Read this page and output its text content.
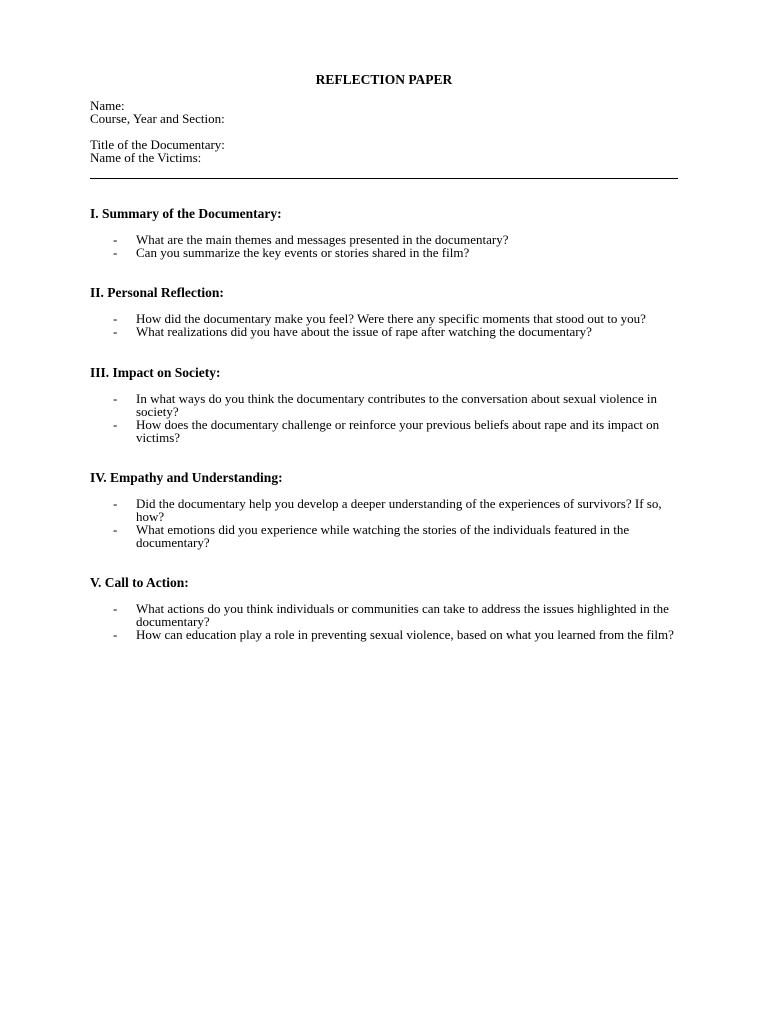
REFLECTION PAPER
Name:
Course, Year and Section:
Title of the Documentary:
Name of the Victims:
I. Summary of the Documentary:
- What are the main themes and messages presented in the documentary?
- Can you summarize the key events or stories shared in the film?
II. Personal Reflection:
- How did the documentary make you feel? Were there any specific moments that stood out to you?
- What realizations did you have about the issue of rape after watching the documentary?
III. Impact on Society:
- In what ways do you think the documentary contributes to the conversation about sexual violence in society?
- How does the documentary challenge or reinforce your previous beliefs about rape and its impact on victims?
IV. Empathy and Understanding:
- Did the documentary help you develop a deeper understanding of the experiences of survivors? If so, how?
- What emotions did you experience while watching the stories of the individuals featured in the documentary?
V. Call to Action:
- What actions do you think individuals or communities can take to address the issues highlighted in the documentary?
- How can education play a role in preventing sexual violence, based on what you learned from the film?
